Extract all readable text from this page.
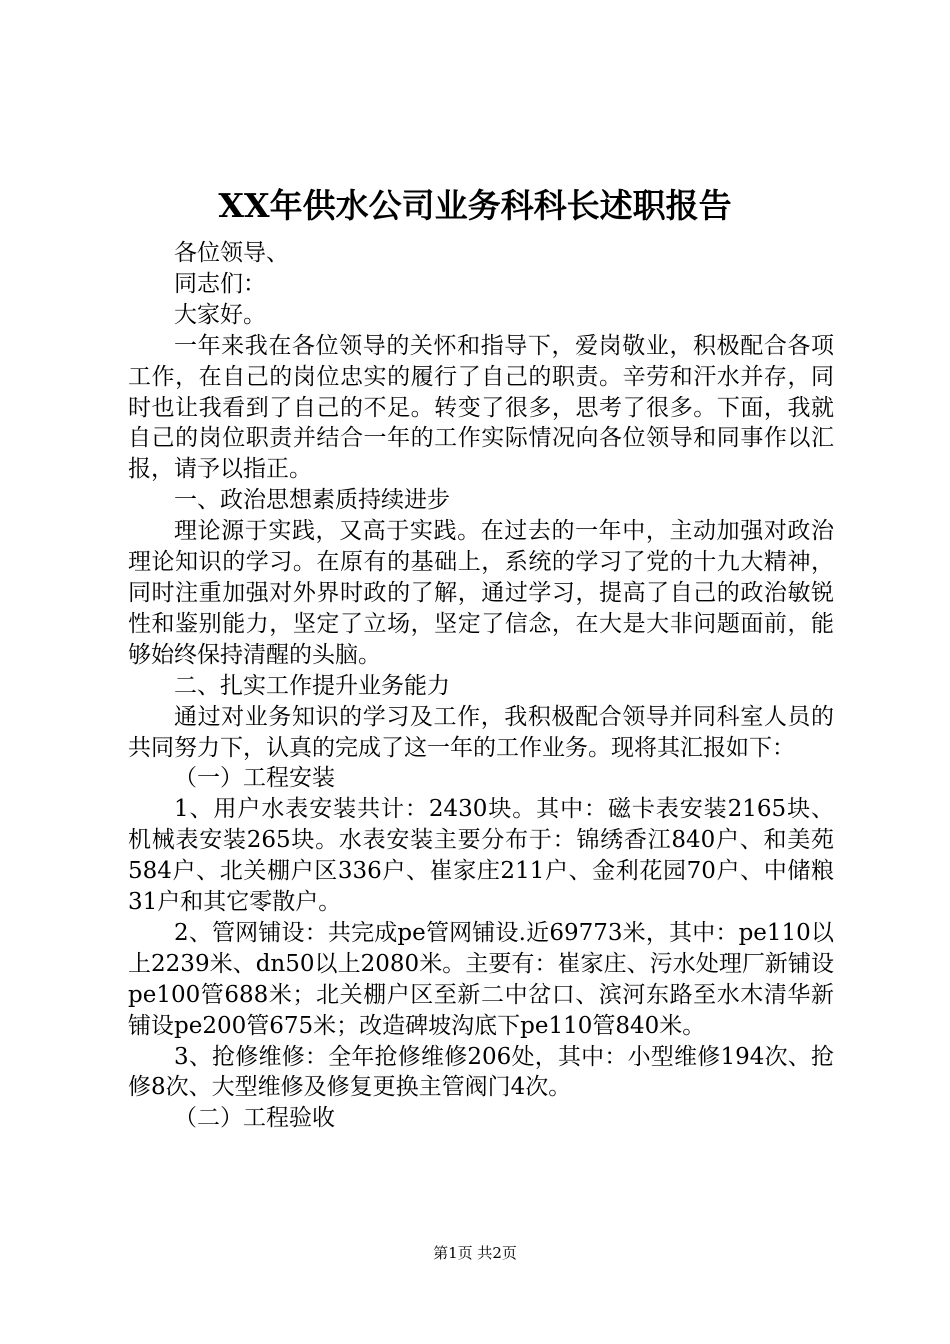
XX年供水公司业务科科长述职报告

各位领导、

同志们：

大家好。

一年来我在各位领导的关怀和指导下，爱岗敬业，积极配合各项工作，在自己的岗位忠实的履行了自己的职责。辛劳和汗水并存，同时也让我看到了自己的不足。转变了很多，思考了很多。下面，我就自己的岗位职责并结合一年的工作实际情况向各位领导和同事作以汇报，请予以指正。

一、政治思想素质持续进步

理论源于实践，又高于实践。在过去的一年中，主动加强对政治理论知识的学习。在原有的基础上，系统的学习了党的十九大精神，同时注重加强对外界时政的了解，通过学习，提高了自己的政治敏锐性和鉴别能力，坚定了立场，坚定了信念，在大是大非问题面前，能够始终保持清醒的头脑。

二、扎实工作提升业务能力

通过对业务知识的学习及工作，我积极配合领导并同科室人员的共同努力下，认真的完成了这一年的工作业务。现将其汇报如下：

（一）工程安装

1、用户水表安装共计：2430块。其中：磁卡表安装2165块、机械表安装265块。水表安装主要分布于：锦绣香江840户、和美苑584户、北关棚户区336户、崔家庄211户、金利花园70户、中储粮31户和其它零散户。

2、管网铺设：共完成pe管网铺设.近69773米，其中：pe110以上2239米、dn50以上2080米。主要有：崔家庄、污水处理厂新铺设pe100管688米；北关棚户区至新二中岔口、滨河东路至水木清华新铺设pe200管675米；改造碑坡沟底下pe110管840米。

3、抢修维修：全年抢修维修206处，其中：小型维修194次、抢修8次、大型维修及修复更换主管阀门4次。

（二）工程验收

第1页 共2页
